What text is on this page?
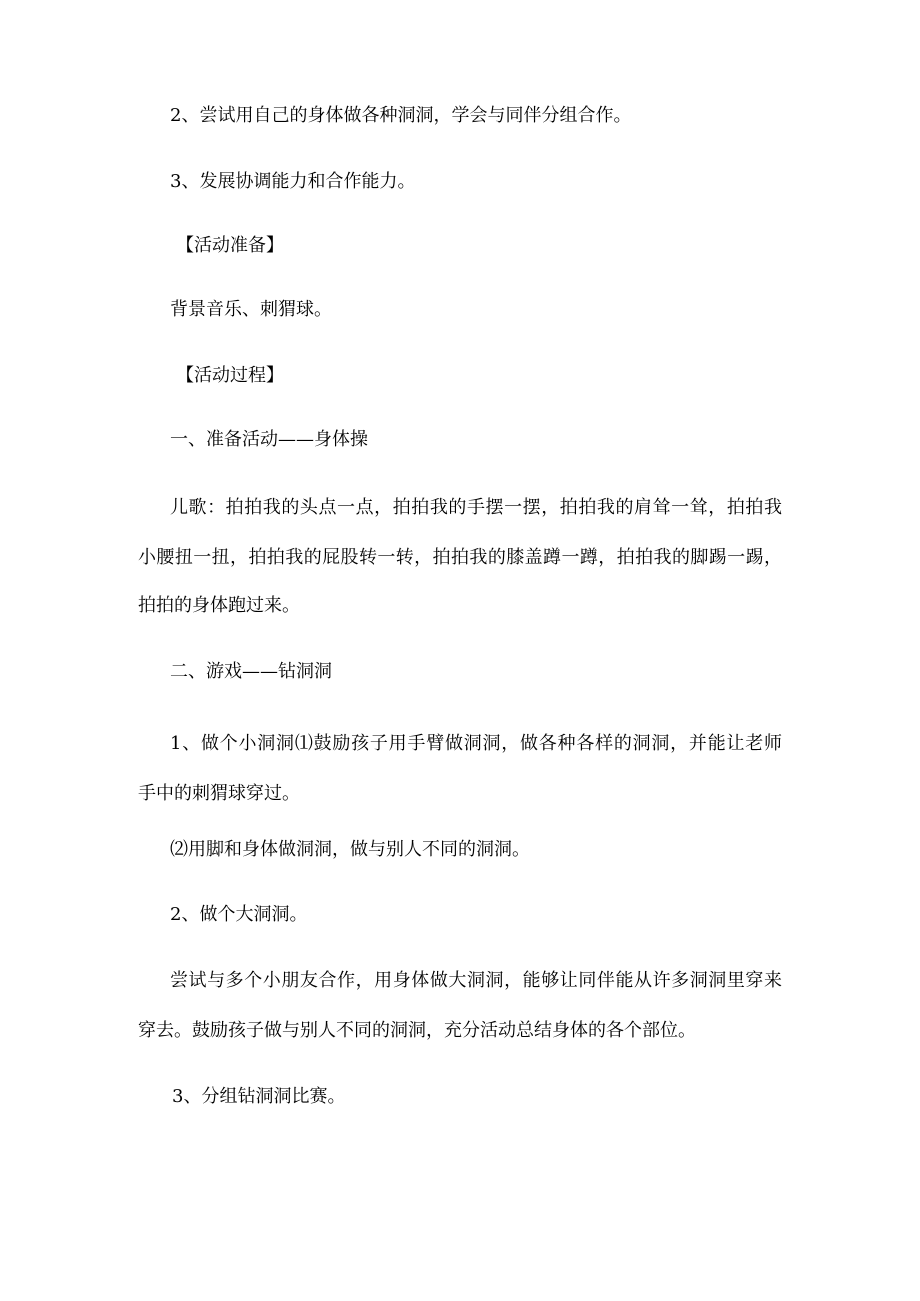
2、尝试用自己的身体做各种洞洞，学会与同伴分组合作。
3、发展协调能力和合作能力。
【活动准备】
背景音乐、刺猬球。
【活动过程】
一、准备活动——身体操
儿歌：拍拍我的头点一点，拍拍我的手摆一摆，拍拍我的肩耸一耸，拍拍我
小腰扭一扭，拍拍我的屁股转一转，拍拍我的膝盖蹲一蹲，拍拍我的脚踢一踢，
拍拍的身体跑过来。
二、游戏——钻洞洞
1、做个小洞洞⑴鼓励孩子用手臂做洞洞，做各种各样的洞洞，并能让老师
手中的刺猬球穿过。
⑵用脚和身体做洞洞，做与别人不同的洞洞。
2、做个大洞洞。
尝试与多个小朋友合作，用身体做大洞洞，能够让同伴能从许多洞洞里穿来
穿去。鼓励孩子做与别人不同的洞洞，充分活动总结身体的各个部位。
3、分组钻洞洞比赛。
